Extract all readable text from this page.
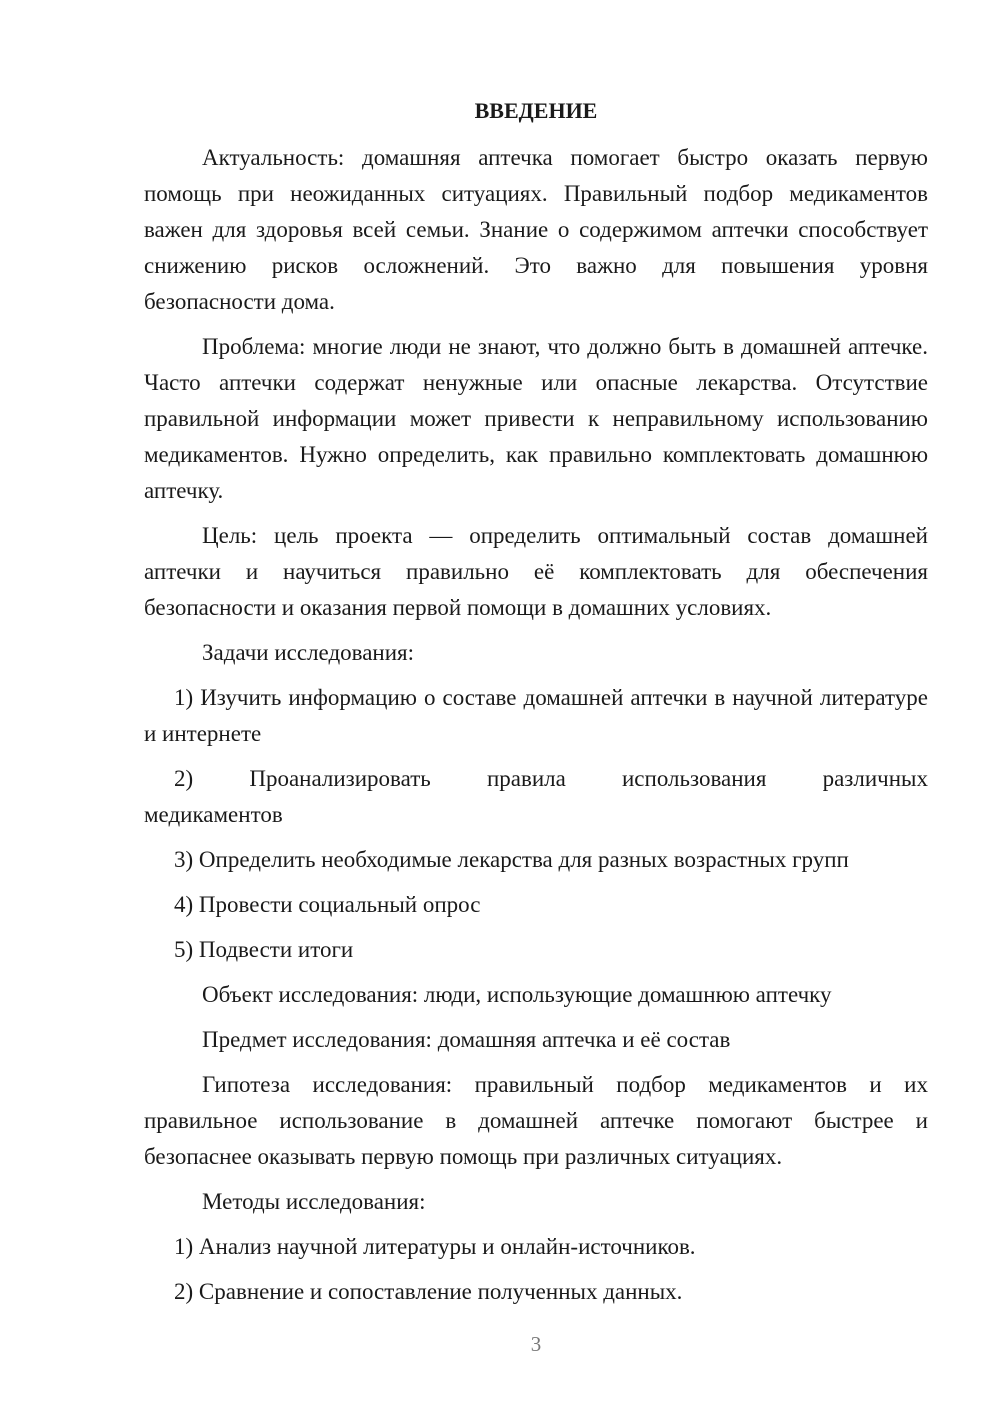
ВВЕДЕНИЕ

Актуальность: домашняя аптечка помогает быстро оказать первую помощь при неожиданных ситуациях. Правильный подбор медикаментов важен для здоровья всей семьи. Знание о содержимом аптечки способствует снижению рисков осложнений. Это важно для повышения уровня безопасности дома.

Проблема: многие люди не знают, что должно быть в домашней аптечке. Часто аптечки содержат ненужные или опасные лекарства. Отсутствие правильной информации может привести к неправильному использованию медикаментов. Нужно определить, как правильно комплектовать домашнюю аптечку.

Цель: цель проекта — определить оптимальный состав домашней аптечки и научиться правильно её комплектовать для обеспечения безопасности и оказания первой помощи в домашних условиях.

Задачи исследования:

1) Изучить информацию о составе домашней аптечки в научной литературе и интернете

2) Проанализировать правила использования различных
медикаментов

3) Определить необходимые лекарства для разных возрастных групп

4) Провести социальный опрос

5) Подвести итоги

Объект исследования: люди, использующие домашнюю аптечку

Предмет исследования: домашняя аптечка и её состав

Гипотеза исследования: правильный подбор медикаментов и их правильное использование в домашней аптечке помогают быстрее и безопаснее оказывать первую помощь при различных ситуациях.

Методы исследования:

1) Анализ научной литературы и онлайн-источников.

2) Сравнение и сопоставление полученных данных.

3
